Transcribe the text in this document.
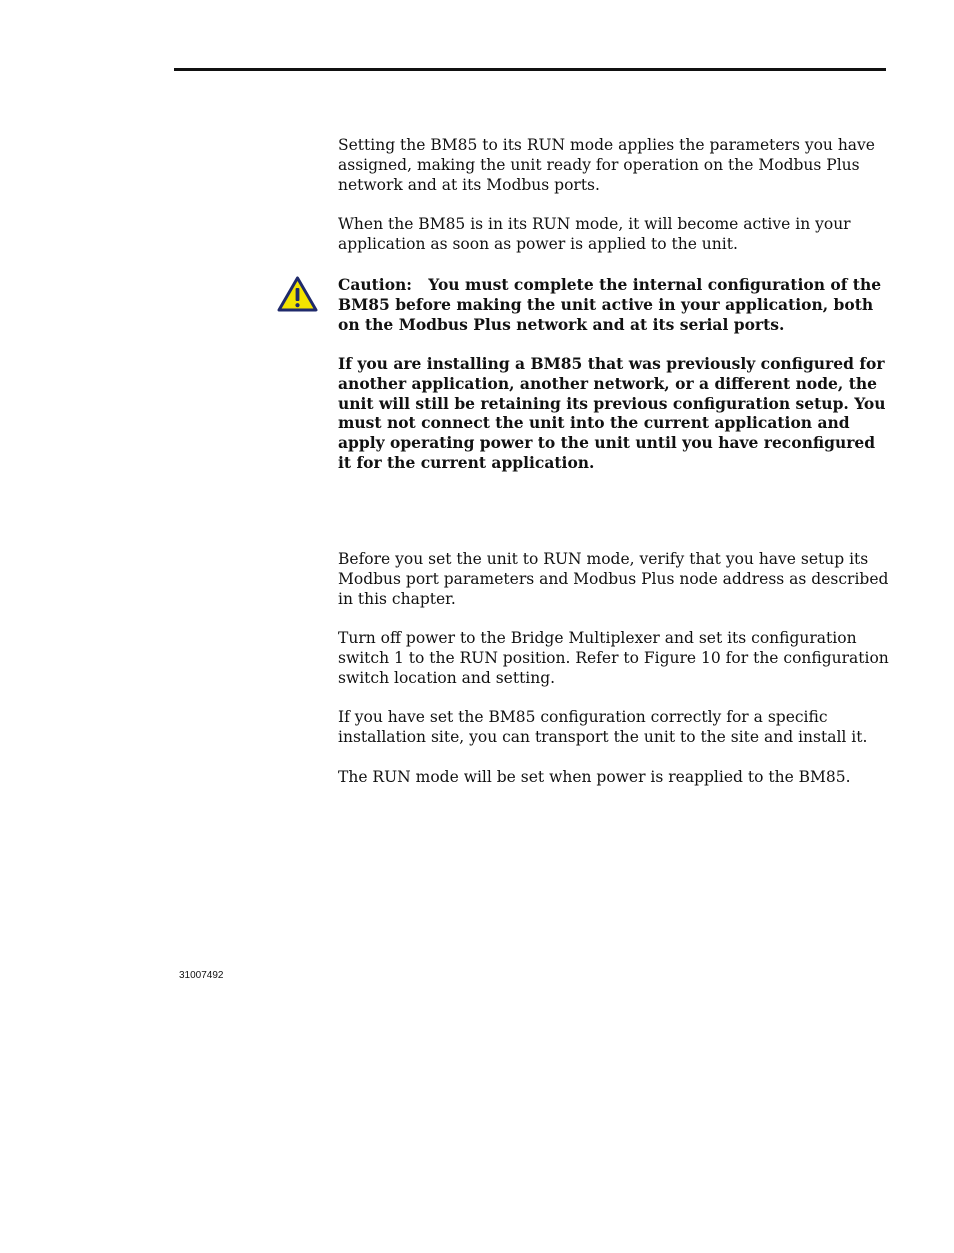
Setting the BM85 to its RUN mode applies the parameters you have assigned, making the unit ready for operation on the Modbus Plus network and at its Modbus ports.

When the BM85 is in its RUN mode, it will become active in your application as soon as power is applied to the unit.

Caution: You must complete the internal configuration of the BM85 before making the unit active in your application, both on the Modbus Plus network and at its serial ports.

If you are installing a BM85 that was previously configured for another application, another network, or a different node, the unit will still be retaining its previous configuration setup. You must not connect the unit into the current application and apply operating power to the unit until you have reconfigured it for the current application.

Before you set the unit to RUN mode, verify that you have setup its Modbus port parameters and Modbus Plus node address as described in this chapter.

Turn off power to the Bridge Multiplexer and set its configuration switch 1 to the RUN position. Refer to Figure 10 for the configuration switch location and setting.

If you have set the BM85 configuration correctly for a specific installation site, you can transport the unit to the site and install it.

The RUN mode will be set when power is reapplied to the BM85.

31007492
